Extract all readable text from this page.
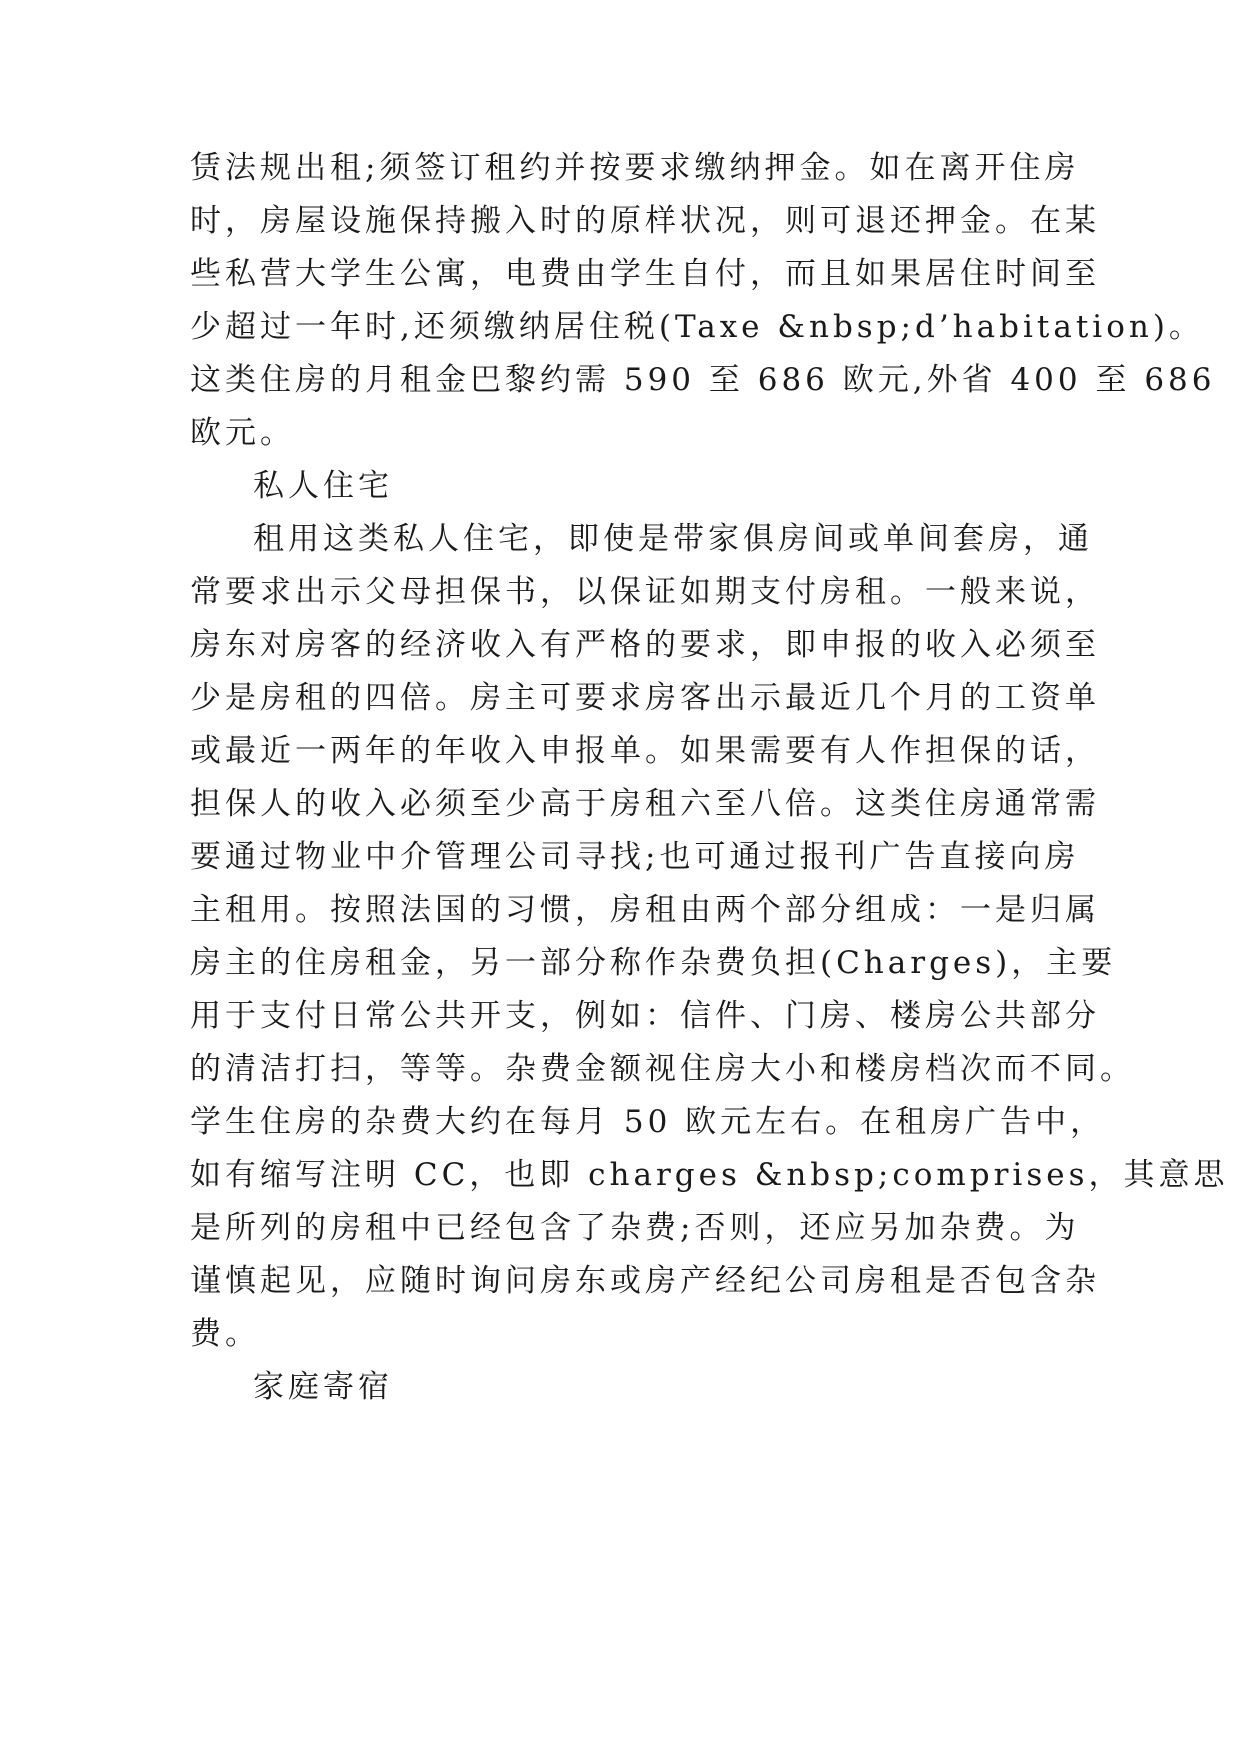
赁法规出租;须签订租约并按要求缴纳押金。如在离开住房
时，房屋设施保持搬入时的原样状况，则可退还押金。在某
些私营大学生公寓，电费由学生自付，而且如果居住时间至
少超过一年时,还须缴纳居住税(Taxe &nbsp;d’habitation)。
这类住房的月租金巴黎约需 590 至 686 欧元,外省 400 至 686
欧元。
私人住宅
租用这类私人住宅，即使是带家俱房间或单间套房，通
常要求出示父母担保书，以保证如期支付房租。一般来说，
房东对房客的经济收入有严格的要求，即申报的收入必须至
少是房租的四倍。房主可要求房客出示最近几个月的工资单
或最近一两年的年收入申报单。如果需要有人作担保的话，
担保人的收入必须至少高于房租六至八倍。这类住房通常需
要通过物业中介管理公司寻找;也可通过报刊广告直接向房
主租用。按照法国的习惯，房租由两个部分组成：一是归属
房主的住房租金，另一部分称作杂费负担(Charges)，主要
用于支付日常公共开支，例如：信件、门房、楼房公共部分
的清洁打扫，等等。杂费金额视住房大小和楼房档次而不同。
学生住房的杂费大约在每月 50 欧元左右。在租房广告中，
如有缩写注明 CC，也即 charges &nbsp;comprises，其意思
是所列的房租中已经包含了杂费;否则，还应另加杂费。为
谨慎起见，应随时询问房东或房产经纪公司房租是否包含杂
费。
家庭寄宿
